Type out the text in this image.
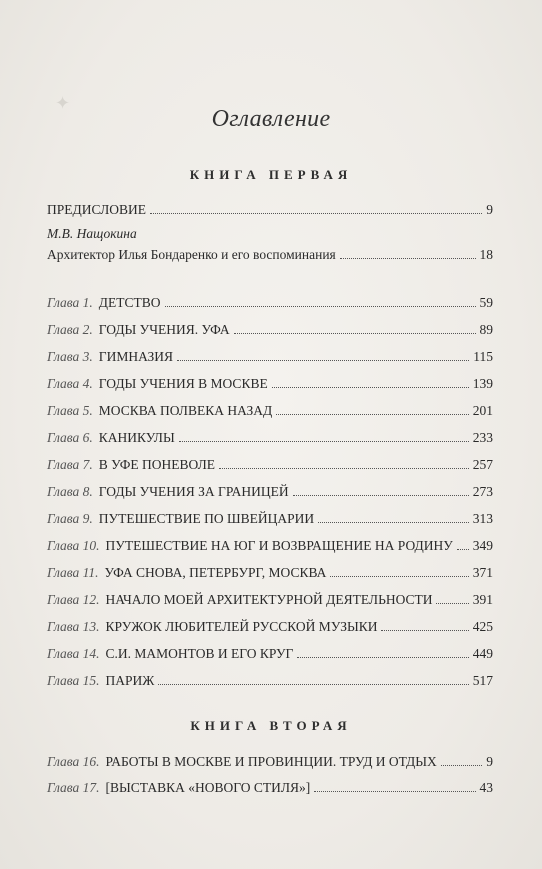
✦
Оглавление
КНИГА ПЕРВАЯ
ПРЕДИСЛОВИЕ	9
М.В. Нащокина
Архитектор Илья Бондаренко и его воспоминания	18
Глава 1. ДЕТСТВО	59
Глава 2. ГОДЫ УЧЕНИЯ. УФА	89
Глава 3. ГИМНАЗИЯ	115
Глава 4. ГОДЫ УЧЕНИЯ В МОСКВЕ	139
Глава 5. МОСКВА ПОЛВЕКА НАЗАД	201
Глава 6. КАНИКУЛЫ	233
Глава 7. В УФЕ ПОНЕВОЛЕ	257
Глава 8. ГОДЫ УЧЕНИЯ ЗА ГРАНИЦЕЙ	273
Глава 9. ПУТЕШЕСТВИЕ ПО ШВЕЙЦАРИИ	313
Глава 10. ПУТЕШЕСТВИЕ НА ЮГ И ВОЗВРАЩЕНИЕ НА РОДИНУ 349
Глава 11. УФА СНОВА, ПЕТЕРБУРГ, МОСКВА	371
Глава 12. НАЧАЛО МОЕЙ АРХИТЕКТУРНОЙ ДЕЯТЕЛЬНОСТИ	391
Глава 13. КРУЖОК ЛЮБИТЕЛЕЙ РУССКОЙ МУЗЫКИ	425
Глава 14. С.И. МАМОНТОВ И ЕГО КРУГ	449
Глава 15. ПАРИЖ	517
КНИГА ВТОРАЯ
Глава 16. РАБОТЫ В МОСКВЕ И ПРОВИНЦИИ. ТРУД И ОТДЫХ	9
Глава 17. [ВЫСТАВКА «НОВОГО СТИЛЯ»]	43
